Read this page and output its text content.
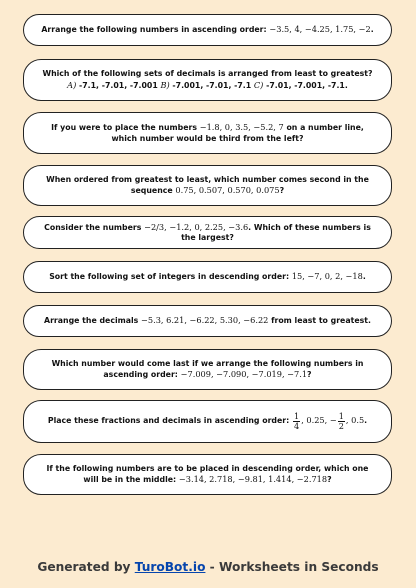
Arrange the following numbers in ascending order: −3.5, 4, −4.25, 1.75, −2.
Which of the following sets of decimals is arranged from least to greatest? A) -7.1, -7.01, -7.001 B) -7.001, -7.01, -7.1 C) -7.01, -7.001, -7.1.
If you were to place the numbers −1.8, 0, 3.5, −5.2, 7 on a number line, which number would be third from the left?
When ordered from greatest to least, which number comes second in the sequence 0.75, 0.507, 0.570, 0.075?
Consider the numbers −2/3, −1.2, 0, 2.25, −3.6. Which of these numbers is the largest?
Sort the following set of integers in descending order: 15, −7, 0, 2, −18.
Arrange the decimals −5.3, 6.21, −6.22, 5.30, −6.22 from least to greatest.
Which number would come last if we arrange the following numbers in ascending order: −7.009, −7.090, −7.019, −7.1?
Place these fractions and decimals in ascending order: $\frac{1}{4}$ , 0.25, − $\frac{1}{2}$ , 0.5.
If the following numbers are to be placed in descending order, which one will be in the middle: −3.14, 2.718, −9.81, 1.414, −2.718?
Generated by TuroBot.io - Worksheets in Seconds
